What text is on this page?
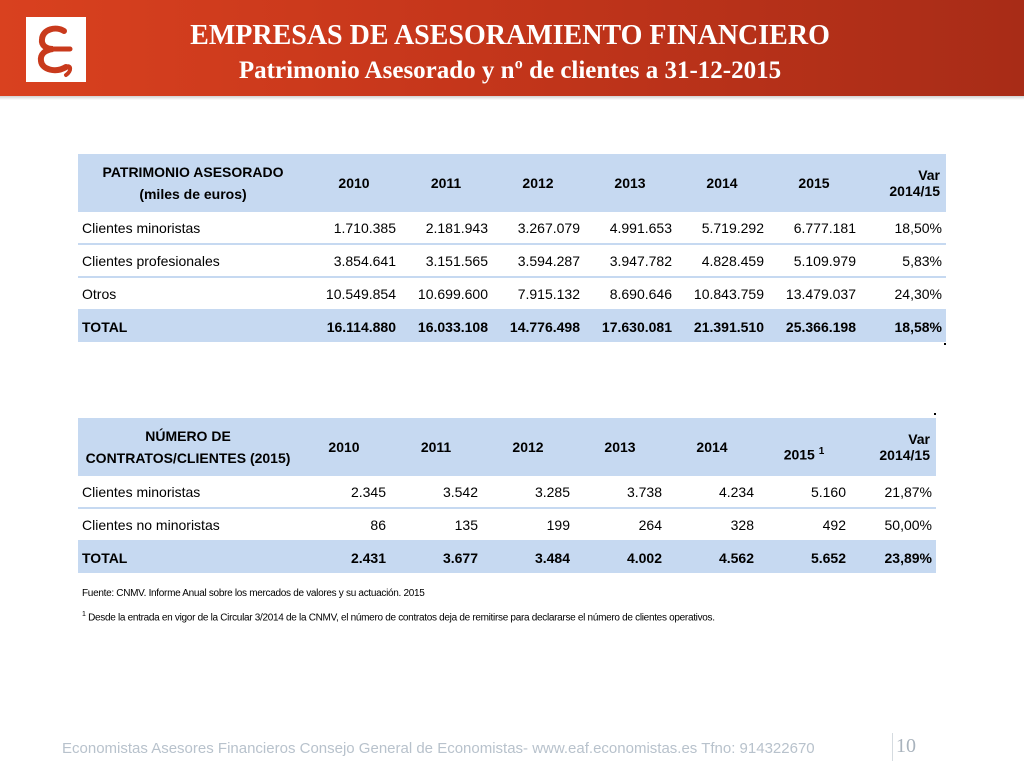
EMPRESAS DE ASESORAMIENTO FINANCIERO
Patrimonio Asesorado y nº de clientes a 31-12-2015
PATRIMONIO ASESORADO
(miles de euros)	2010	2011	2012	2013	2014	2015	Var 2014/15
Clientes minoristas	1.710.385	2.181.943	3.267.079	4.991.653	5.719.292	6.777.181	18,50%
Clientes profesionales	3.854.641	3.151.565	3.594.287	3.947.782	4.828.459	5.109.979	5,83%
Otros	10.549.854	10.699.600	7.915.132	8.690.646	10.843.759	13.479.037	24,30%
TOTAL	16.114.880	16.033.108	14.776.498	17.630.081	21.391.510	25.366.198	18,58%
NÚMERO DE
CONTRATOS/CLIENTES (2015)	2010	2011	2012	2013	2014	2015 $^1$	Var 2014/15
Clientes minoristas	2.345	3.542	3.285	3.738	4.234	5.160	21,87%
Clientes no minoristas	86	135	199	264	328	492	50,00%
TOTAL	2.431	3.677	3.484	4.002	4.562	5.652	23,89%
Fuente: CNMV. Informe Anual sobre los mercados de valores y su actuación. 2015
$^1$ Desde la entrada en vigor de la Circular 3/2014 de la CNMV, el número de contratos deja de remitirse para declararse el número de clientes operativos.
Economistas Asesores Financieros Consejo General de Economistas- www.eaf.economistas.es Tfno: 914322670	10
